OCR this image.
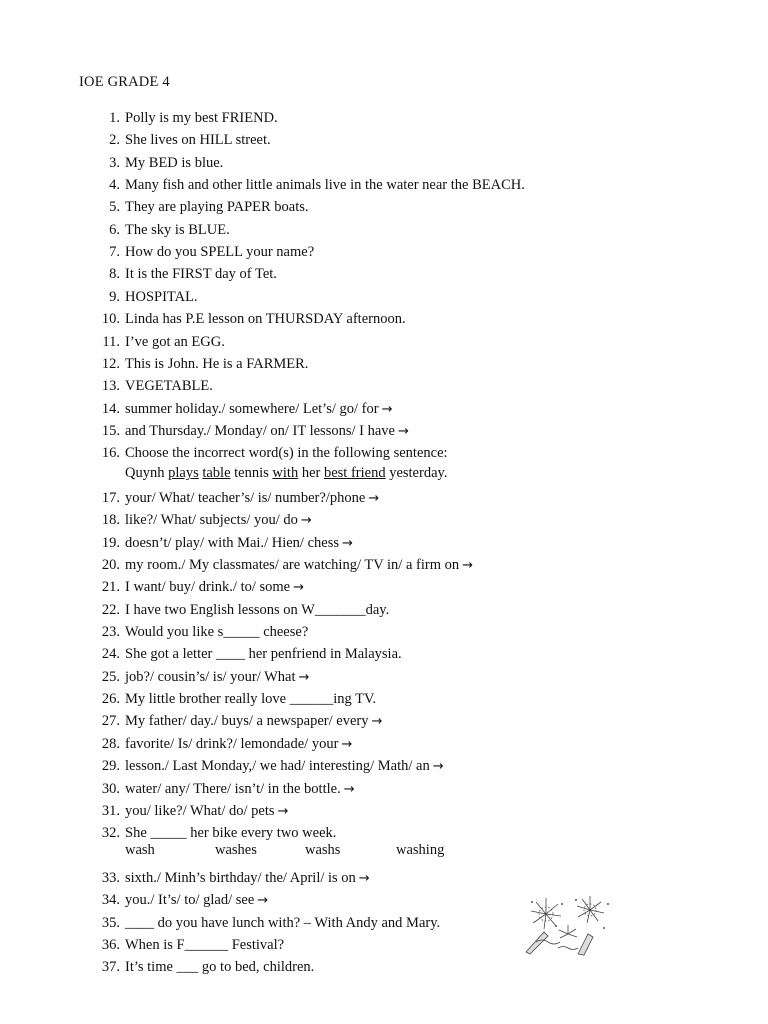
IOE GRADE 4
1. Polly is my best FRIEND.
2. She lives on HILL street.
3. My BED is blue.
4. Many fish and other little animals live in the water near the BEACH.
5. They are playing PAPER boats.
6. The sky is BLUE.
7. How do you SPELL your name?
8. It is the FIRST day of Tet.
9. HOSPITAL.
10. Linda has P.E lesson on THURSDAY afternoon.
11. I’ve got an EGG.
12. This is John. He is a FARMER.
13. VEGETABLE.
14. summer holiday./ somewhere/ Let’s/ go/ for →
15. and Thursday./ Monday/ on/ IT lessons/ I have →
16. Choose the incorrect word(s) in the following sentence:
17. your/ What/ teacher’s/ is/ number?/phone →
18. like?/ What/ subjects/ you/ do →
19. doesn’t/ play/ with Mai./ Hien/ chess →
20. my room./ My classmates/ are watching/ TV in/ a firm on →
21. I want/ buy/ drink./ to/ some →
22. I have two English lessons on W_______day.
23. Would you like s_____ cheese?
24. She got a letter ____ her penfriend in Malaysia.
25. job?/ cousin’s/ is/ your/ What →
26. My little brother really love ______ing TV.
27. My father/ day./ buys/ a newspaper/ every →
28. favorite/ Is/ drink?/ lemondade/ your →
29. lesson./ Last Monday,/ we had/ interesting/ Math/ an →
30. water/ any/ There/ isn’t/ in the bottle. →
31. you/ like?/ What/ do/ pets →
32. She _____ her bike every two week.
33. sixth./ Minh’s birthday/ the/ April/ is on →
34. you./ It’s/ to/ glad/ see →
35. ____ do you have lunch with? – With Andy and Mary.
36. When is F______ Festival?
37. It’s time ___ go to bed, children.
Quynh plays table tennis with her best friend yesterday.
wash	washes	washs	washing
